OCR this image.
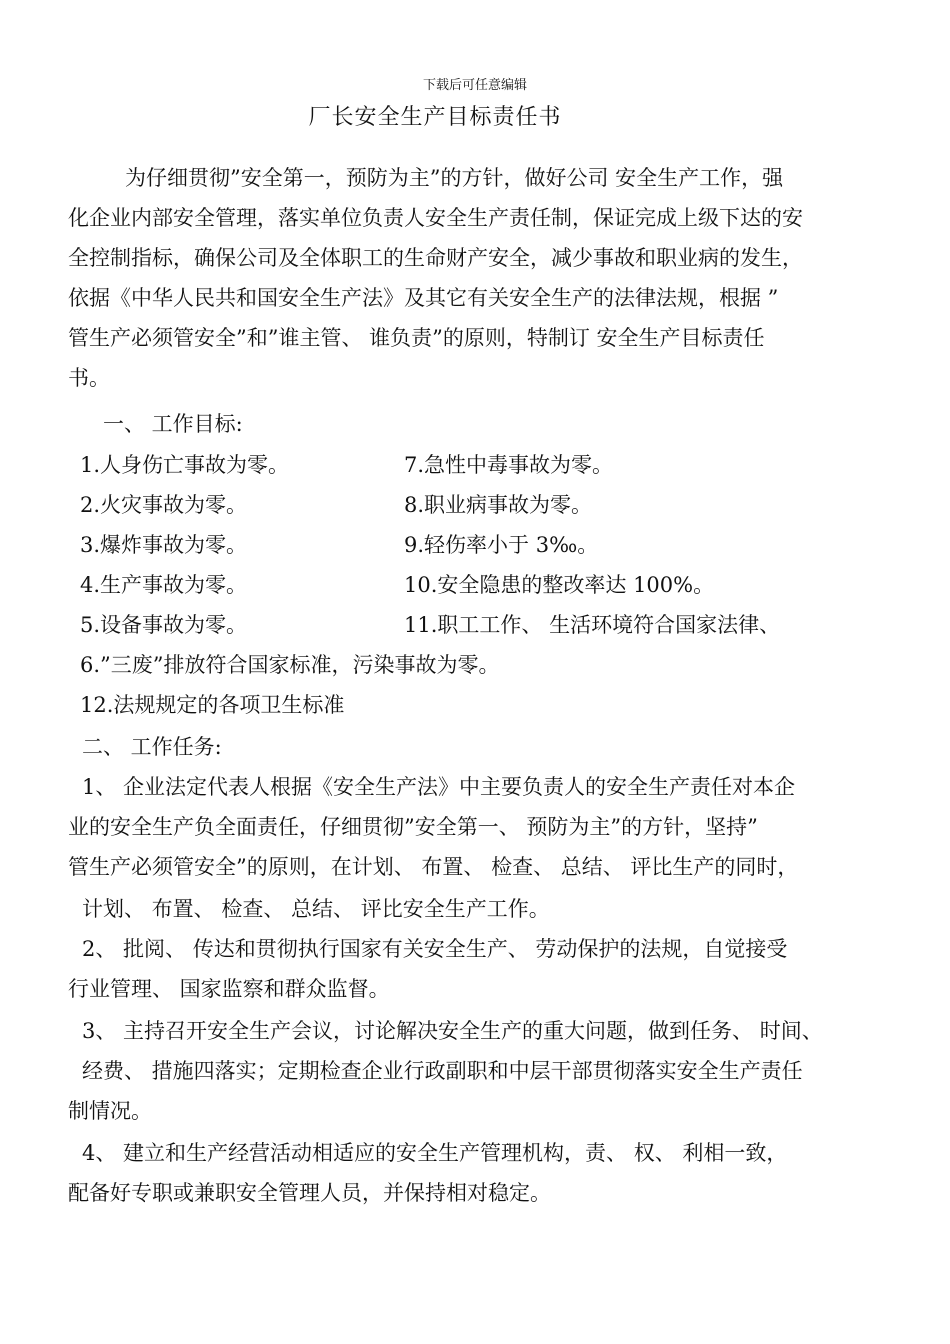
下载后可任意编辑
厂长安全生产目标责任书
为仔细贯彻”安全第一，预防为主”的方针，做好公司 安全生产工作，强
化企业内部安全管理，落实单位负责人安全生产责任制，保证完成上级下达的安
全控制指标，确保公司及全体职工的生命财产安全，减少事故和职业病的发生，
依据《中华人民共和国安全生产法》及其它有关安全生产的法律法规，根据 ”
管生产必须管安全”和”谁主管、 谁负责”的原则，特制订 安全生产目标责任
书。
一、 工作目标:
1.人身伤亡事故为零。
2.火灾事故为零。
3.爆炸事故为零。
4.生产事故为零。
5.设备事故为零。
7.急性中毒事故为零。
8.职业病事故为零。
9.轻伤率小于 3‰。
10.安全隐患的整改率达 100%。
11.职工工作、 生活环境符合国家法律、
6.”三废”排放符合国家标准，污染事故为零。
12.法规规定的各项卫生标准
二、 工作任务:
1、 企业法定代表人根据《安全生产法》中主要负责人的安全生产责任对本企
业的安全生产负全面责任，仔细贯彻”安全第一、 预防为主”的方针，坚持”
管生产必须管安全”的原则，在计划、 布置、 检查、 总结、 评比生产的同时，
计划、 布置、 检查、 总结、 评比安全生产工作。
2、 批阅、 传达和贯彻执行国家有关安全生产、 劳动保护的法规，自觉接受
行业管理、 国家监察和群众监督。
3、 主持召开安全生产会议，讨论解决安全生产的重大问题，做到任务、 时间、
经费、 措施四落实；定期检查企业行政副职和中层干部贯彻落实安全生产责任
制情况。
4、 建立和生产经营活动相适应的安全生产管理机构，责、 权、 利相一致，
配备好专职或兼职安全管理人员，并保持相对稳定。
